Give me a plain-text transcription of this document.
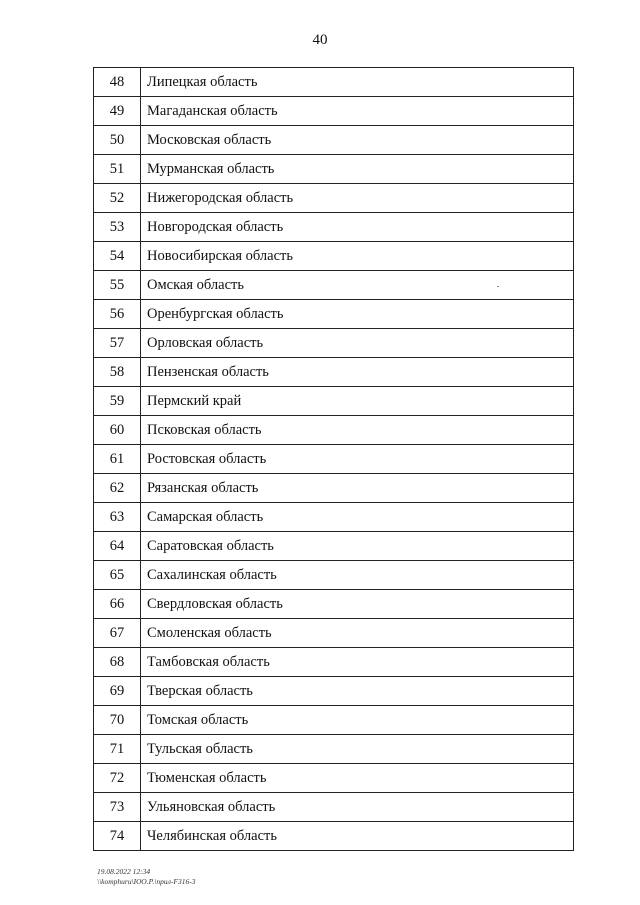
40
48	Липецкая область
49	Магаданская область
50	Московская область
51	Мурманская область
52	Нижегородская область
53	Новгородская область
54	Новосибирская область
55	Омская область
56	Оренбургская область
57	Орловская область
58	Пензенская область
59	Пермский край
60	Псковская область
61	Ростовская область
62	Рязанская область
63	Самарская область
64	Саратовская область
65	Сахалинская область
66	Свердловская область
67	Смоленская область
68	Тамбовская область
69	Тверская область
70	Томская область
71	Тульская область
72	Тюменская область
73	Ульяновская область
74	Челябинская область
19.08.2022 12:34
\\komphuru\ЮО.Р.\прил-F316-3
